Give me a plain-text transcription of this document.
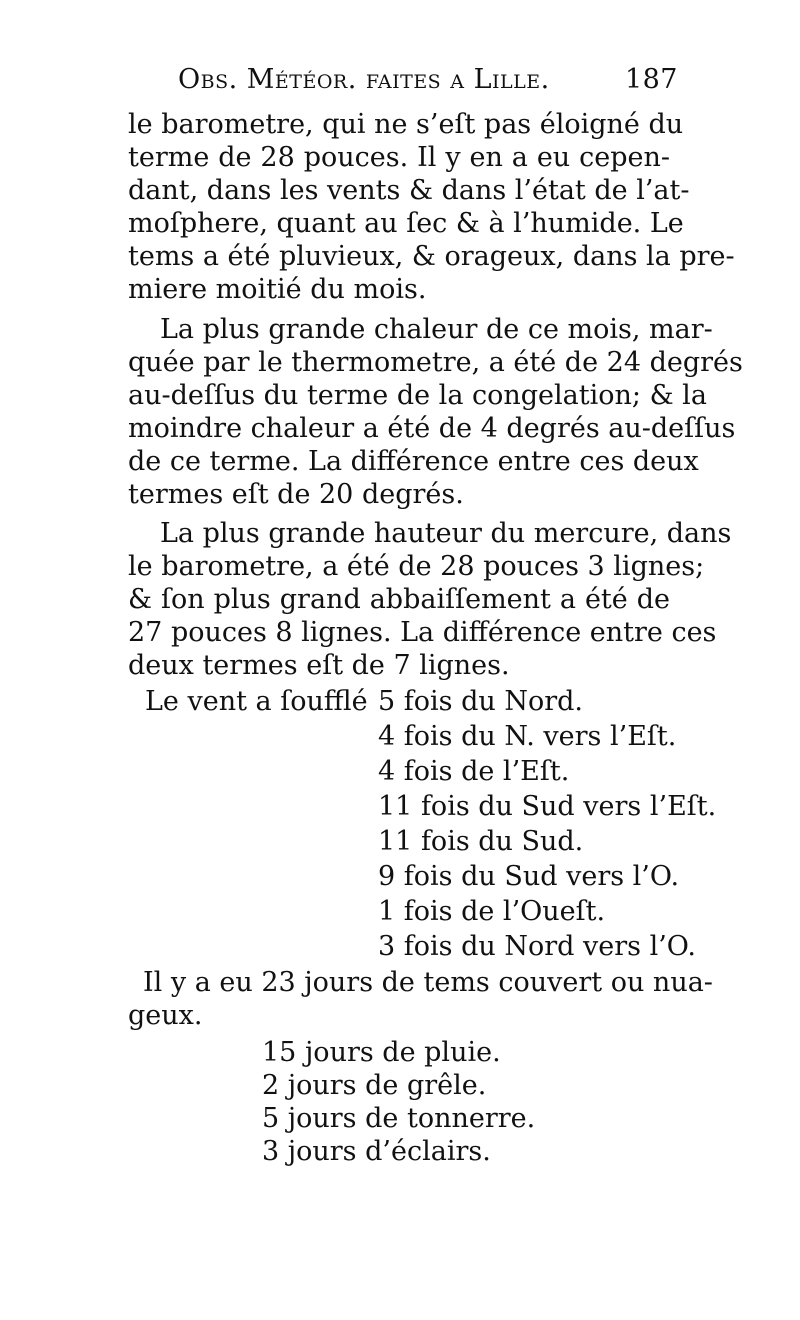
Obs. Météor. faites a Lille.	187
le barometre, qui ne s’eſt pas éloigné du
terme de 28 pouces. Il y en a eu cepen-
dant, dans les vents & dans l’état de l’at-
moſphere, quant au ſec & à l’humide. Le
tems a été pluvieux, & orageux, dans la pre-
miere moitié du mois.
La plus grande chaleur de ce mois, mar-
quée par le thermometre, a été de 24 degrés
au-deſſus du terme de la congelation; & la
moindre chaleur a été de 4 degrés au-deſſus
de ce terme. La différence entre ces deux
termes eſt de 20 degrés.
La plus grande hauteur du mercure, dans
le barometre, a été de 28 pouces 3 lignes;
& ſon plus grand abbaiſſement a été de
27 pouces 8 lignes. La différence entre ces
deux termes eſt de 7 lignes.
Le vent a ſoufflé 5 fois du Nord.
4 fois du N. vers l’Eſt.
4 fois de l’Eſt.
11 fois du Sud vers l’Eſt.
11 fois du Sud.
9 fois du Sud vers l’O.
1 fois de l’Oueſt.
3 fois du Nord vers l’O.
Il y a eu 23 jours de tems couvert ou nua-
geux.
15 jours de pluie.
2 jours de grêle.
5 jours de tonnerre.
3 jours d’éclairs.
